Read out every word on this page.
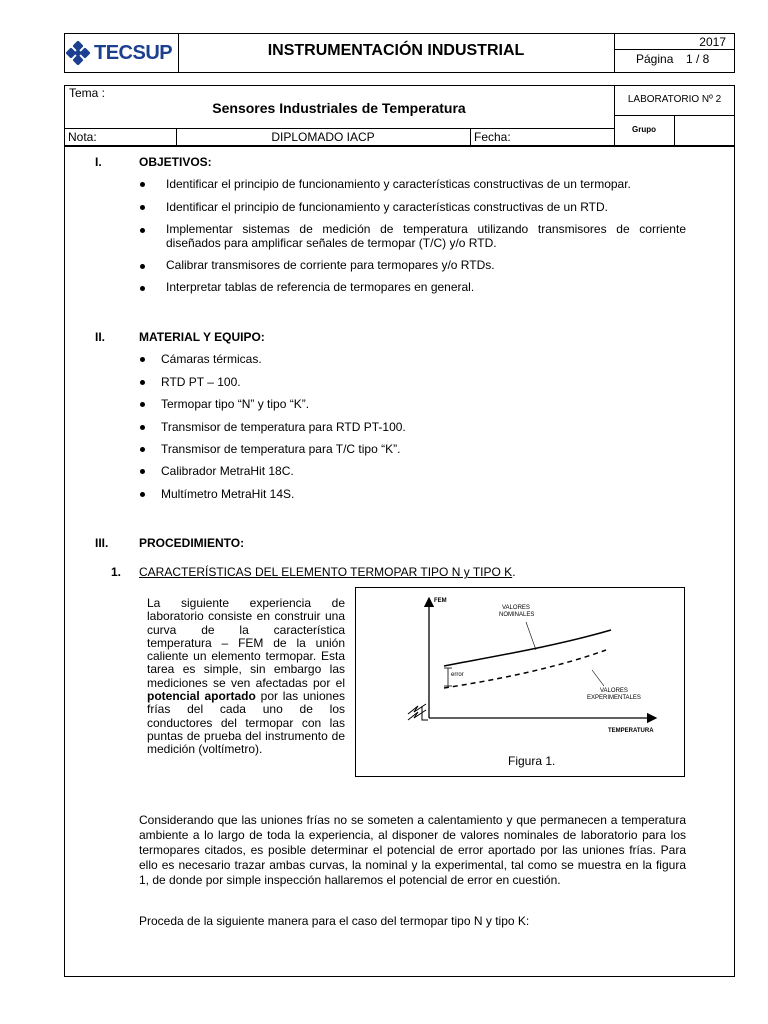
TECSUP	INSTRUMENTACIÓN INDUSTRIAL	2017
Página 1 / 8
Tema :
Sensores Industriales de Temperatura
LABORATORIO Nº 2
Grupo
Nota:	DIPLOMADO IACP	Fecha:
I.	OBJETIVOS:
Identificar el principio de funcionamiento y características constructivas de un termopar.
Identificar el principio de funcionamiento y características constructivas de un RTD.
Implementar sistemas de medición de temperatura utilizando transmisores de corriente diseñados para amplificar señales de termopar (T/C) y/o RTD.
Calibrar transmisores de corriente para termopares y/o RTDs.
Interpretar tablas de referencia de termopares en general.
II.	MATERIAL Y EQUIPO:
Cámaras térmicas.
RTD PT – 100.
Termopar tipo “N” y tipo “K”.
Transmisor de temperatura para RTD PT-100.
Transmisor de temperatura para T/C tipo “K”.
Calibrador MetraHit 18C.
Multímetro MetraHit 14S.
III.	PROCEDIMIENTO:
1. CARACTERÍSTICAS DEL ELEMENTO TERMOPAR TIPO N y TIPO K.
La siguiente experiencia de laboratorio consiste en construir una curva de la característica temperatura – FEM de la unión caliente un elemento termopar. Esta tarea es simple, sin embargo las mediciones se ven afectadas por el potencial aportado por las uniones frías del cada uno de los conductores del termopar con las puntas de prueba del instrumento de medición (voltímetro).
FEM
TEMPERATURA
VALORES
NOMINALES
VALORES
EXPERIMENTALES
error
Figura 1.
Considerando que las uniones frías no se someten a calentamiento y que permanecen a temperatura ambiente a lo largo de toda la experiencia, al disponer de valores nominales de laboratorio para los termopares citados, es posible determinar el potencial de error aportado por las uniones frías. Para ello es necesario trazar ambas curvas, la nominal y la experimental, tal como se muestra en la figura 1, de donde por simple inspección hallaremos el potencial de error en cuestión.
Proceda de la siguiente manera para el caso del termopar tipo N y tipo K:
